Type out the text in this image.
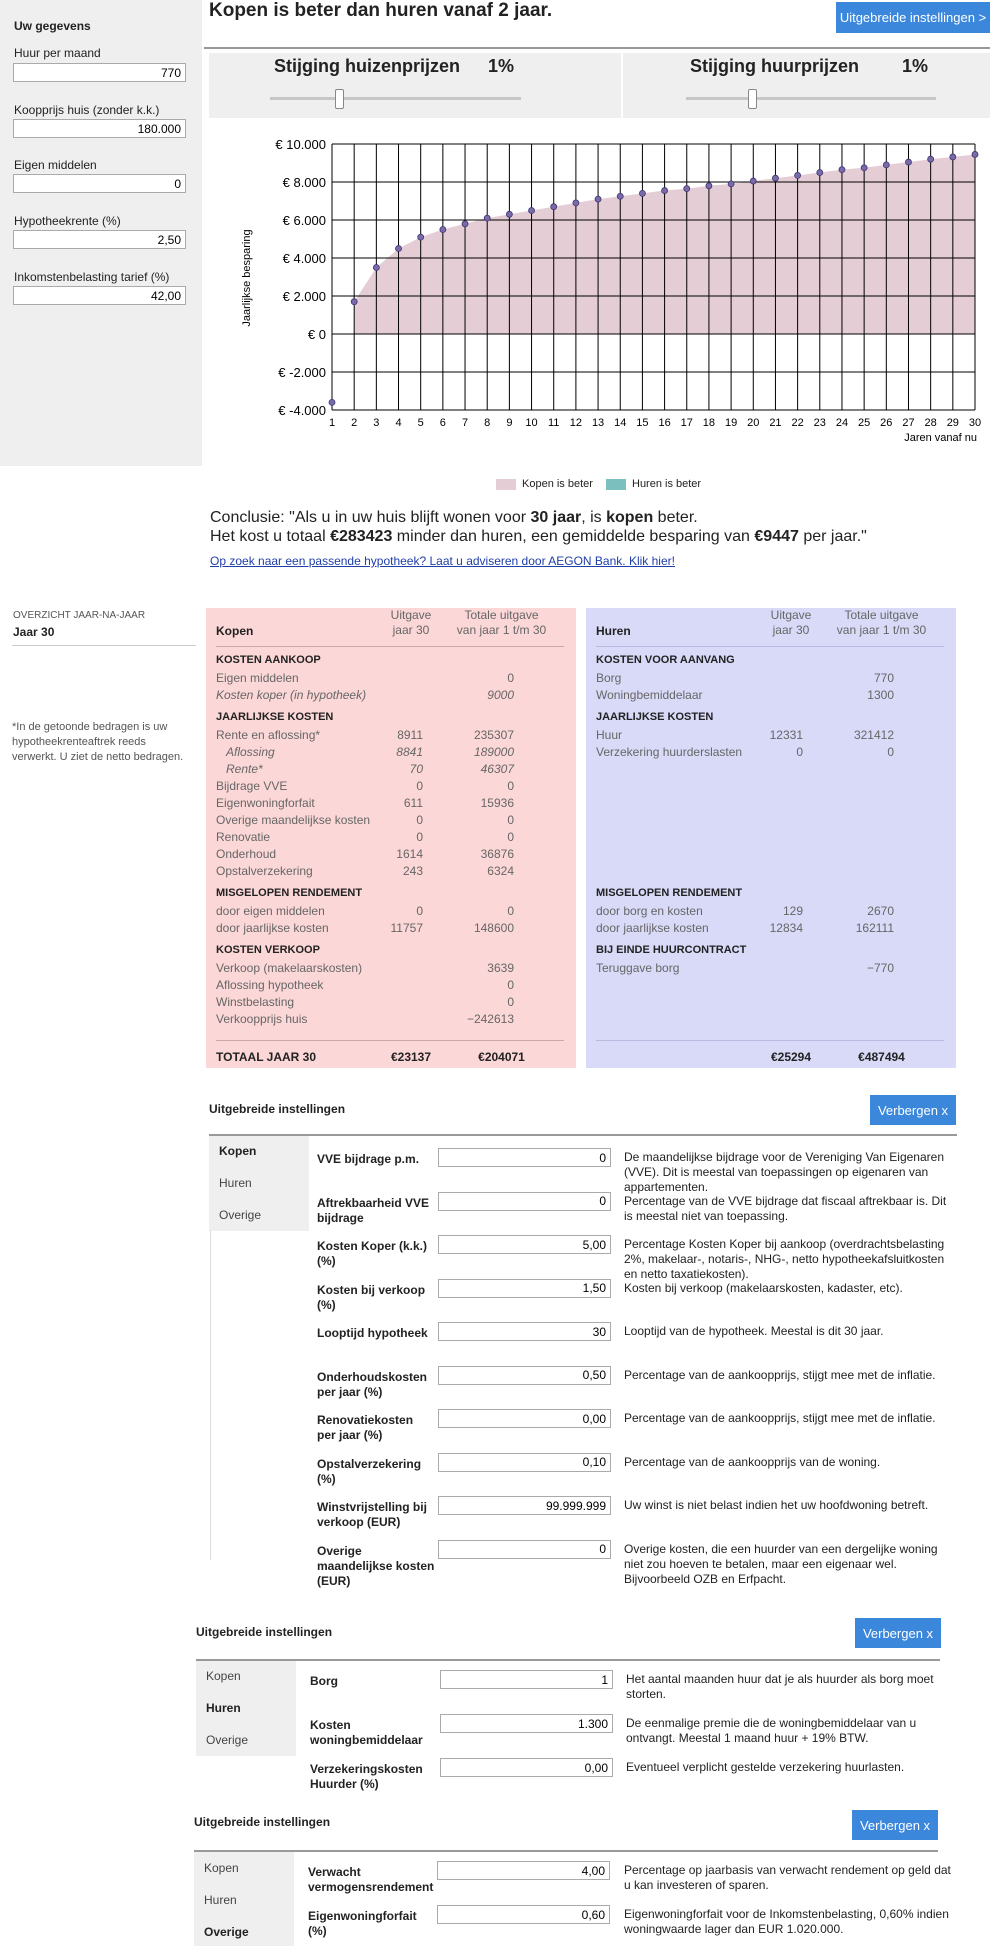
Uw gegevens
Huur per maand
770
Koopprijs huis (zonder k.k.)
180.000
Eigen middelen
0
Hypotheekrente (%)
2,50
Inkomstenbelasting tarief (%)
42,00
Kopen is beter dan huren vanaf 2 jaar.	Uitgebreide instellingen >
Stijging huizenprijzen 1%	Stijging huurprijzen 1%
€ 10.000
€ 8.000
€ 6.000
€ 4.000
€ 2.000
€ 0
€ -2.000
€ -4.000
1 2 3 4 5 6 7 8 9 10 11 12 13 14 15 16 17 18 19 20 21 22 23 24 25 26 27 28 29 30
Jaarlijkse besparing
Jaren vanaf nu
Kopen is beter	Huren is beter
Conclusie: "Als u in uw huis blijft wonen voor 30 jaar, is kopen beter.
Het kost u totaal €283423 minder dan huren, een gemiddelde besparing van €9447 per jaar."
Op zoek naar een passende hypotheek? Laat u adviseren door AEGON Bank. Klik hier!
OVERZICHT JAAR-NA-JAAR
Jaar 30
*In de getoonde bedragen is uw hypotheekrenteaftrek reeds verwerkt. U ziet de netto bedragen.
Kopen
Uitgave
jaar 30
Totale uitgave
van jaar 1 t/m 30
TOTAAL JAAR 30	€23137	€204071
KOSTEN AANKOOP
Eigen middelen	0
Kosten koper (in hypotheek)	9000
JAARLIJKSE KOSTEN
Rente en aflossing*	8911	235307
Aflossing	8841	189000
Rente*	70	46307
Bijdrage VVE	0	0
Eigenwoningforfait	611	15936
Overige maandelijkse kosten	0	0
Renovatie	0	0
Onderhoud	1614	36876
Opstalverzekering	243	6324
MISGELOPEN RENDEMENT
door eigen middelen	0	0
door jaarlijkse kosten	11757	148600
KOSTEN VERKOOP
Verkoop (makelaarskosten)	3639
Aflossing hypotheek	0
Winstbelasting	0
Verkoopprijs huis	−242613
Huren
Uitgave
jaar 30
Totale uitgave
van jaar 1 t/m 30
€25294	€487494
KOSTEN VOOR AANVANG
Borg	770
Woningbemiddelaar	1300
JAARLIJKSE KOSTEN
Huur	12331	321412
Verzekering huurderslasten	0	0
MISGELOPEN RENDEMENT
door borg en kosten	129	2670
door jaarlijkse kosten	12834	162111
BIJ EINDE HUURCONTRACT
Teruggave borg	−770
Uitgebreide instellingen	Verbergen x
Kopen
Huren
Overige
VVE bijdrage p.m.
0	De maandelijkse bijdrage voor de Vereniging Van Eigenaren (VVE). Dit is meestal van toepassingen op eigenaren van appartementen.
Aftrekbaarheid VVE bijdrage
0
Percentage van de VVE bijdrage dat fiscaal aftrekbaar is. Dit is meestal niet van toepassing.
Kosten Koper (k.k.) (%)
5,00
Percentage Kosten Koper bij aankoop (overdrachtsbelasting 2%, makelaar-, notaris-, NHG-, netto hypotheekafsluitkosten en netto taxatiekosten).
Kosten bij verkoop (%)
1,50
Kosten bij verkoop (makelaarskosten, kadaster, etc).
Looptijd hypotheek
30	Looptijd van de hypotheek. Meestal is dit 30 jaar.
Onderhoudskosten per jaar (%)
0,50
Percentage van de aankoopprijs, stijgt mee met de inflatie.
Renovatiekosten per jaar (%)
0,00
Percentage van de aankoopprijs, stijgt mee met de inflatie.
Opstalverzekering (%)
0,10
Percentage van de aankoopprijs van de woning.
Winstvrijstelling bij verkoop (EUR)
99.999.999
Uw winst is niet belast indien het uw hoofdwoning betreft.
Overige maandelijkse kosten (EUR)
0
Overige kosten, die een huurder van een dergelijke woning niet zou hoeven te betalen, maar een eigenaar wel. Bijvoorbeeld OZB en Erfpacht.
Uitgebreide instellingen	Verbergen x
Kopen
Huren
Overige
Borg
1	Het aantal maanden huur dat je als huurder als borg moet storten.
Kosten woningbemiddelaar
1.300
De eenmalige premie die de woningbemiddelaar van u ontvangt. Meestal 1 maand huur + 19% BTW.
Verzekeringskosten Huurder (%)
0,00
Eventueel verplicht gestelde verzekering huurlasten.
Uitgebreide instellingen	Verbergen x
Kopen
Huren
Overige
Verwacht vermogensrendement
4,00
Percentage op jaarbasis van verwacht rendement op geld dat u kan investeren of sparen.
Eigenwoningforfait (%)
0,60
Eigenwoningforfait voor de Inkomstenbelasting, 0,60% indien woningwaarde lager dan EUR 1.020.000.
